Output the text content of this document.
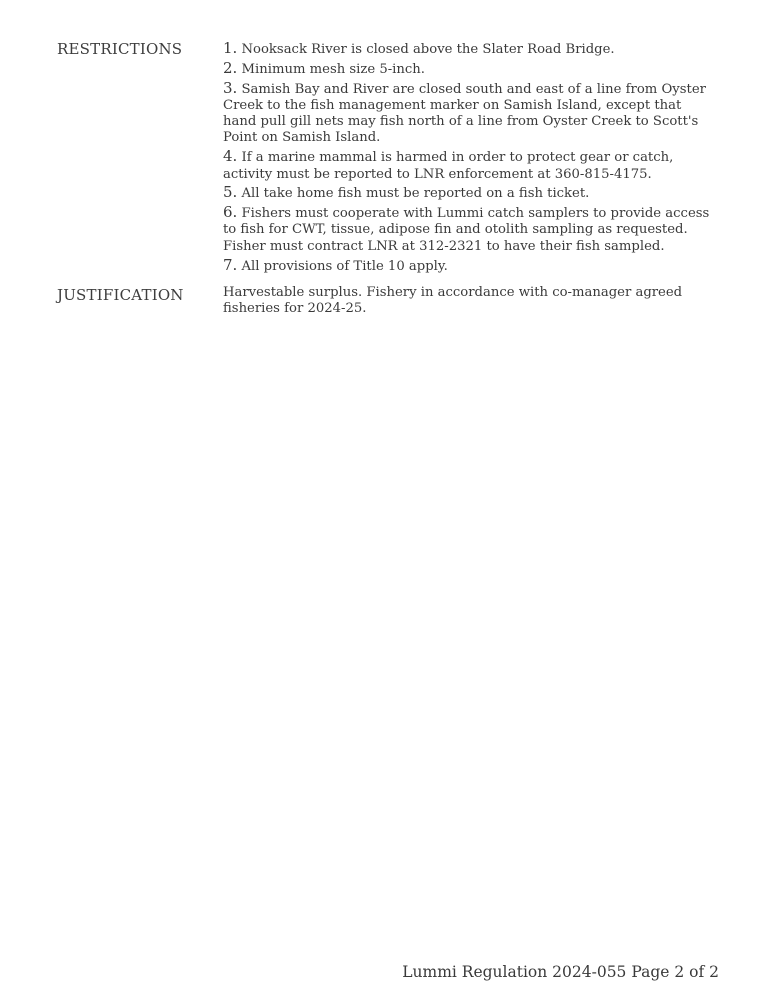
RESTRICTIONS	1. Nooksack River is closed above the Slater Road Bridge.
2. Minimum mesh size 5-inch.
3. Samish Bay and River are closed south and east of a line from Oyster Creek to the fish management marker on Samish Island, except that hand pull gill nets may fish north of a line from Oyster Creek to Scott's Point on Samish Island.
4. If a marine mammal is harmed in order to protect gear or catch, activity must be reported to LNR enforcement at 360-815-4175.
5. All take home fish must be reported on a fish ticket.
6. Fishers must cooperate with Lummi catch samplers to provide access to fish for CWT, tissue, adipose fin and otolith sampling as requested. Fisher must contract LNR at 312-2321 to have their fish sampled.
7. All provisions of Title 10 apply.
JUSTIFICATION	Harvestable surplus. Fishery in accordance with co-manager agreed fisheries for 2024-25.
Lummi Regulation 2024-055 Page 2 of 2
